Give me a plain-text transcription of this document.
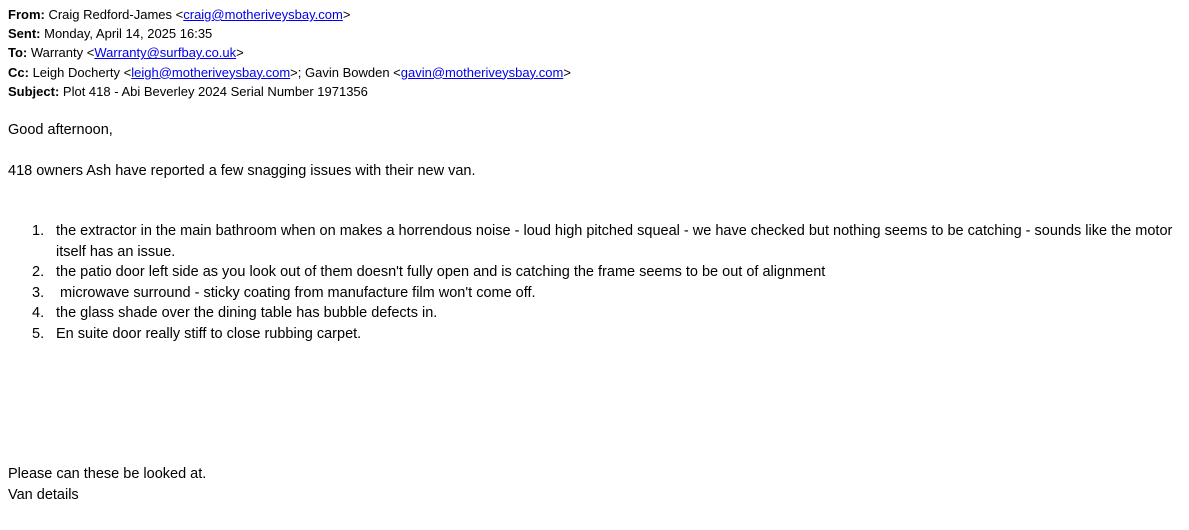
From: Craig Redford-James <craig@motheriveysbay.com>
Sent: Monday, April 14, 2025 16:35
To: Warranty <Warranty@surfbay.co.uk>
Cc: Leigh Docherty <leigh@motheriveysbay.com>; Gavin Bowden <gavin@motheriveysbay.com>
Subject: Plot 418 - Abi Beverley 2024 Serial Number 1971356
Good afternoon,
418 owners Ash have reported a few snagging issues with their new van.
1. the extractor in the main bathroom when on makes a horrendous noise - loud high pitched squeal - we have checked but nothing seems to be catching - sounds like the motor itself has an issue.
2. the patio door left side as you look out of them doesn't fully open and is catching the frame seems to be out of alignment
3. microwave surround - sticky coating from manufacture film won't come off.
4. the glass shade over the dining table has bubble defects in.
5. En suite door really stiff to close rubbing carpet.
Please can these be looked at.
Van details
